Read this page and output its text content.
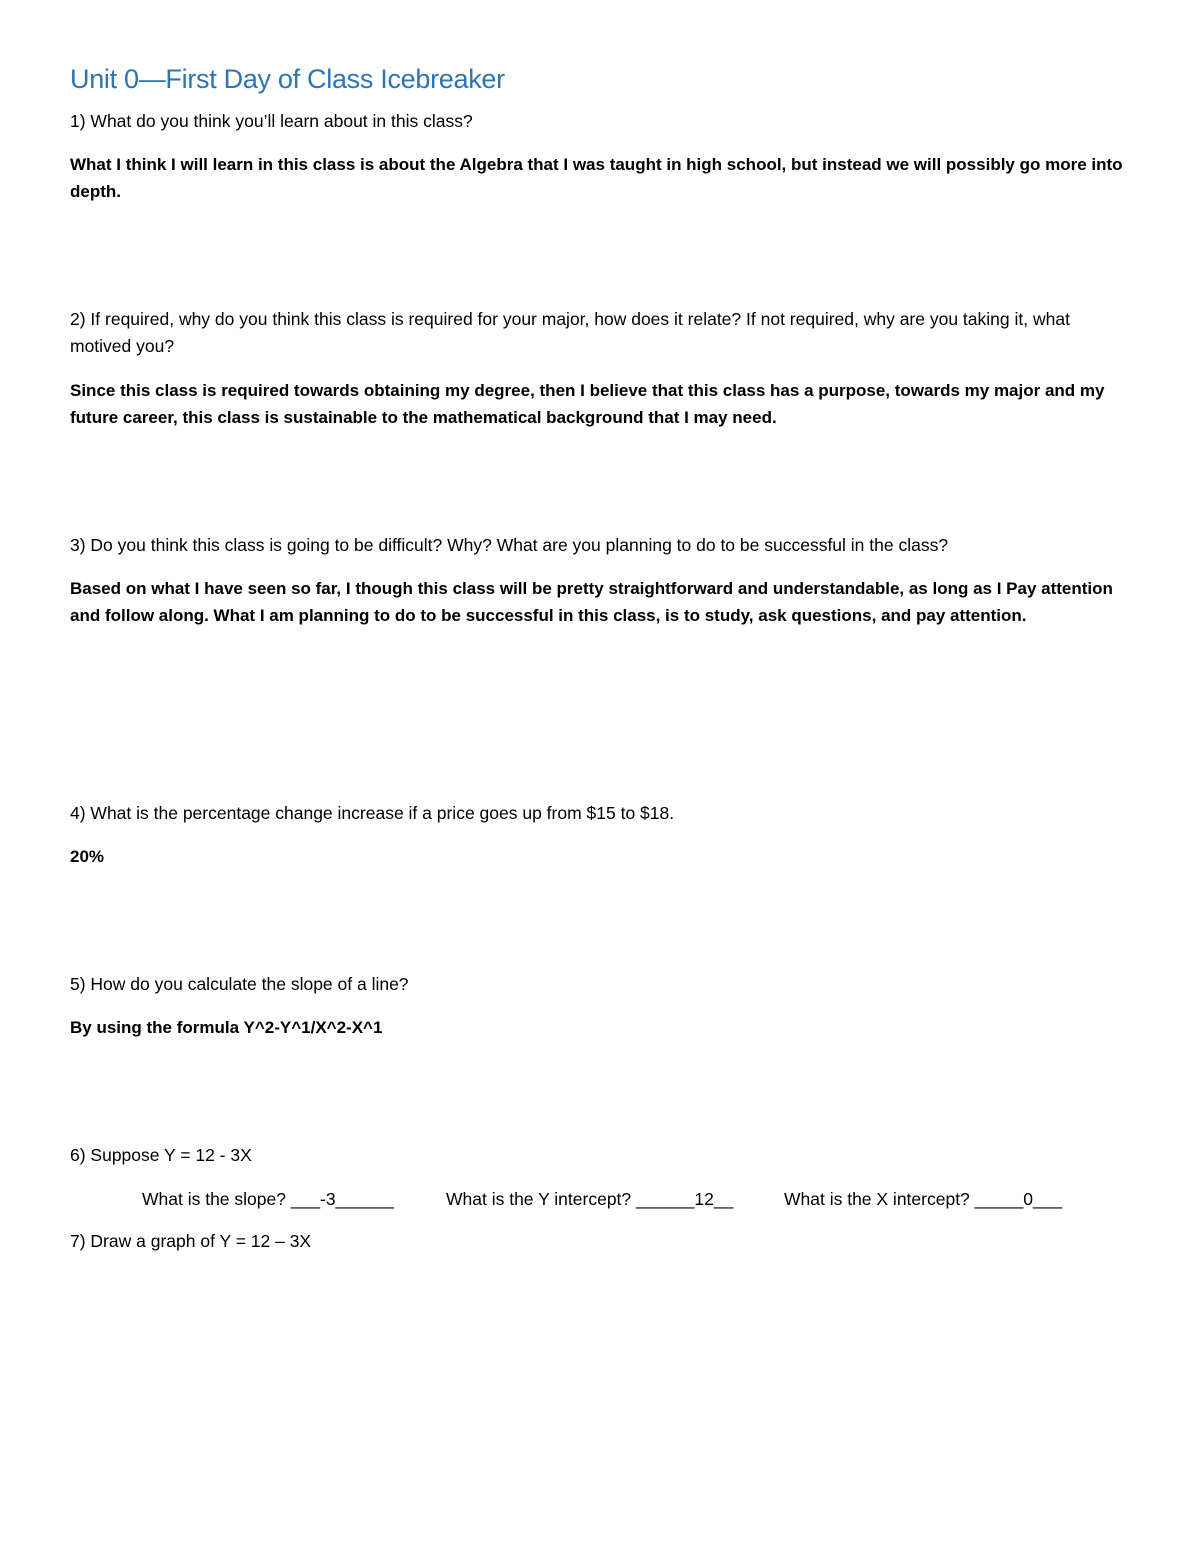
Unit 0—First Day of Class Icebreaker
1) What do you think you’ll learn about in this class?
What I think I will learn in this class is about the Algebra that I was taught in high school, but instead we will possibly go more into depth.
2) If required, why do you think this class is required for your major, how does it relate? If not required, why are you taking it, what motived you?
Since this class is required towards obtaining my degree, then I believe that this class has a purpose, towards my major and my future career, this class is sustainable to the mathematical background that I may need.
3) Do you think this class is going to be difficult? Why? What are you planning to do to be successful in the class?
Based on what I have seen so far, I though this class will be pretty straightforward and understandable, as long as I Pay attention and follow along. What I am planning to do to be successful in this class, is to study, ask questions, and pay attention.
4) What is the percentage change increase if a price goes up from $15 to $18.
20%
5) How do you calculate the slope of a line?
By using the formula Y^2-Y^1/X^2-X^1
6) Suppose Y = 12 - 3X
What is the slope? ___-3______	What is the Y intercept? ______12__	What is the X intercept? _____0___
7) Draw a graph of Y = 12 – 3X
